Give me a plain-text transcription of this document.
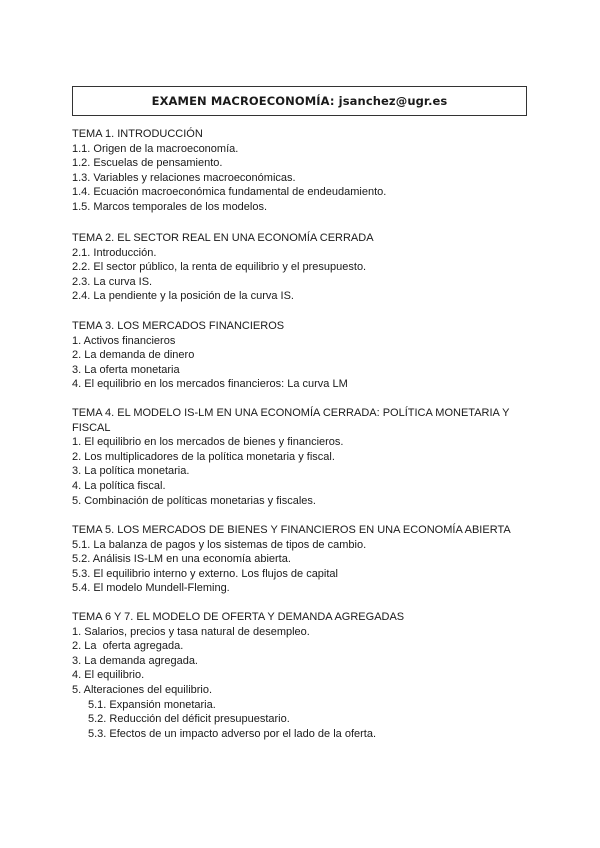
EXAMEN MACROECONOMÍA: jsanchez@ugr.es
TEMA 1. INTRODUCCIÓN
1.1. Origen de la macroeconomía.
1.2. Escuelas de pensamiento.
1.3. Variables y relaciones macroeconómicas.
1.4. Ecuación macroeconómica fundamental de endeudamiento.
1.5. Marcos temporales de los modelos.
TEMA 2. EL SECTOR REAL EN UNA ECONOMÍA CERRADA
2.1. Introducción.
2.2. El sector público, la renta de equilibrio y el presupuesto.
2.3. La curva IS.
2.4. La pendiente y la posición de la curva IS.
TEMA 3. LOS MERCADOS FINANCIEROS
1. Activos financieros
2. La demanda de dinero
3. La oferta monetaria
4. El equilibrio en los mercados financieros: La curva LM
TEMA 4. EL MODELO IS-LM EN UNA ECONOMÍA CERRADA: POLÍTICA MONETARIA Y
FISCAL
1. El equilibrio en los mercados de bienes y financieros.
2. Los multiplicadores de la política monetaria y fiscal.
3. La política monetaria.
4. La política fiscal.
5. Combinación de políticas monetarias y fiscales.
TEMA 5. LOS MERCADOS DE BIENES Y FINANCIEROS EN UNA ECONOMÍA ABIERTA
5.1. La balanza de pagos y los sistemas de tipos de cambio.
5.2. Análisis IS-LM en una economía abierta.
5.3. El equilibrio interno y externo. Los flujos de capital
5.4. El modelo Mundell-Fleming.
TEMA 6 Y 7. EL MODELO DE OFERTA Y DEMANDA AGREGADAS
1. Salarios, precios y tasa natural de desempleo.
2. La  oferta agregada.
3. La demanda agregada.
4. El equilibrio.
5. Alteraciones del equilibrio.
5.1. Expansión monetaria.
5.2. Reducción del déficit presupuestario.
5.3. Efectos de un impacto adverso por el lado de la oferta.
